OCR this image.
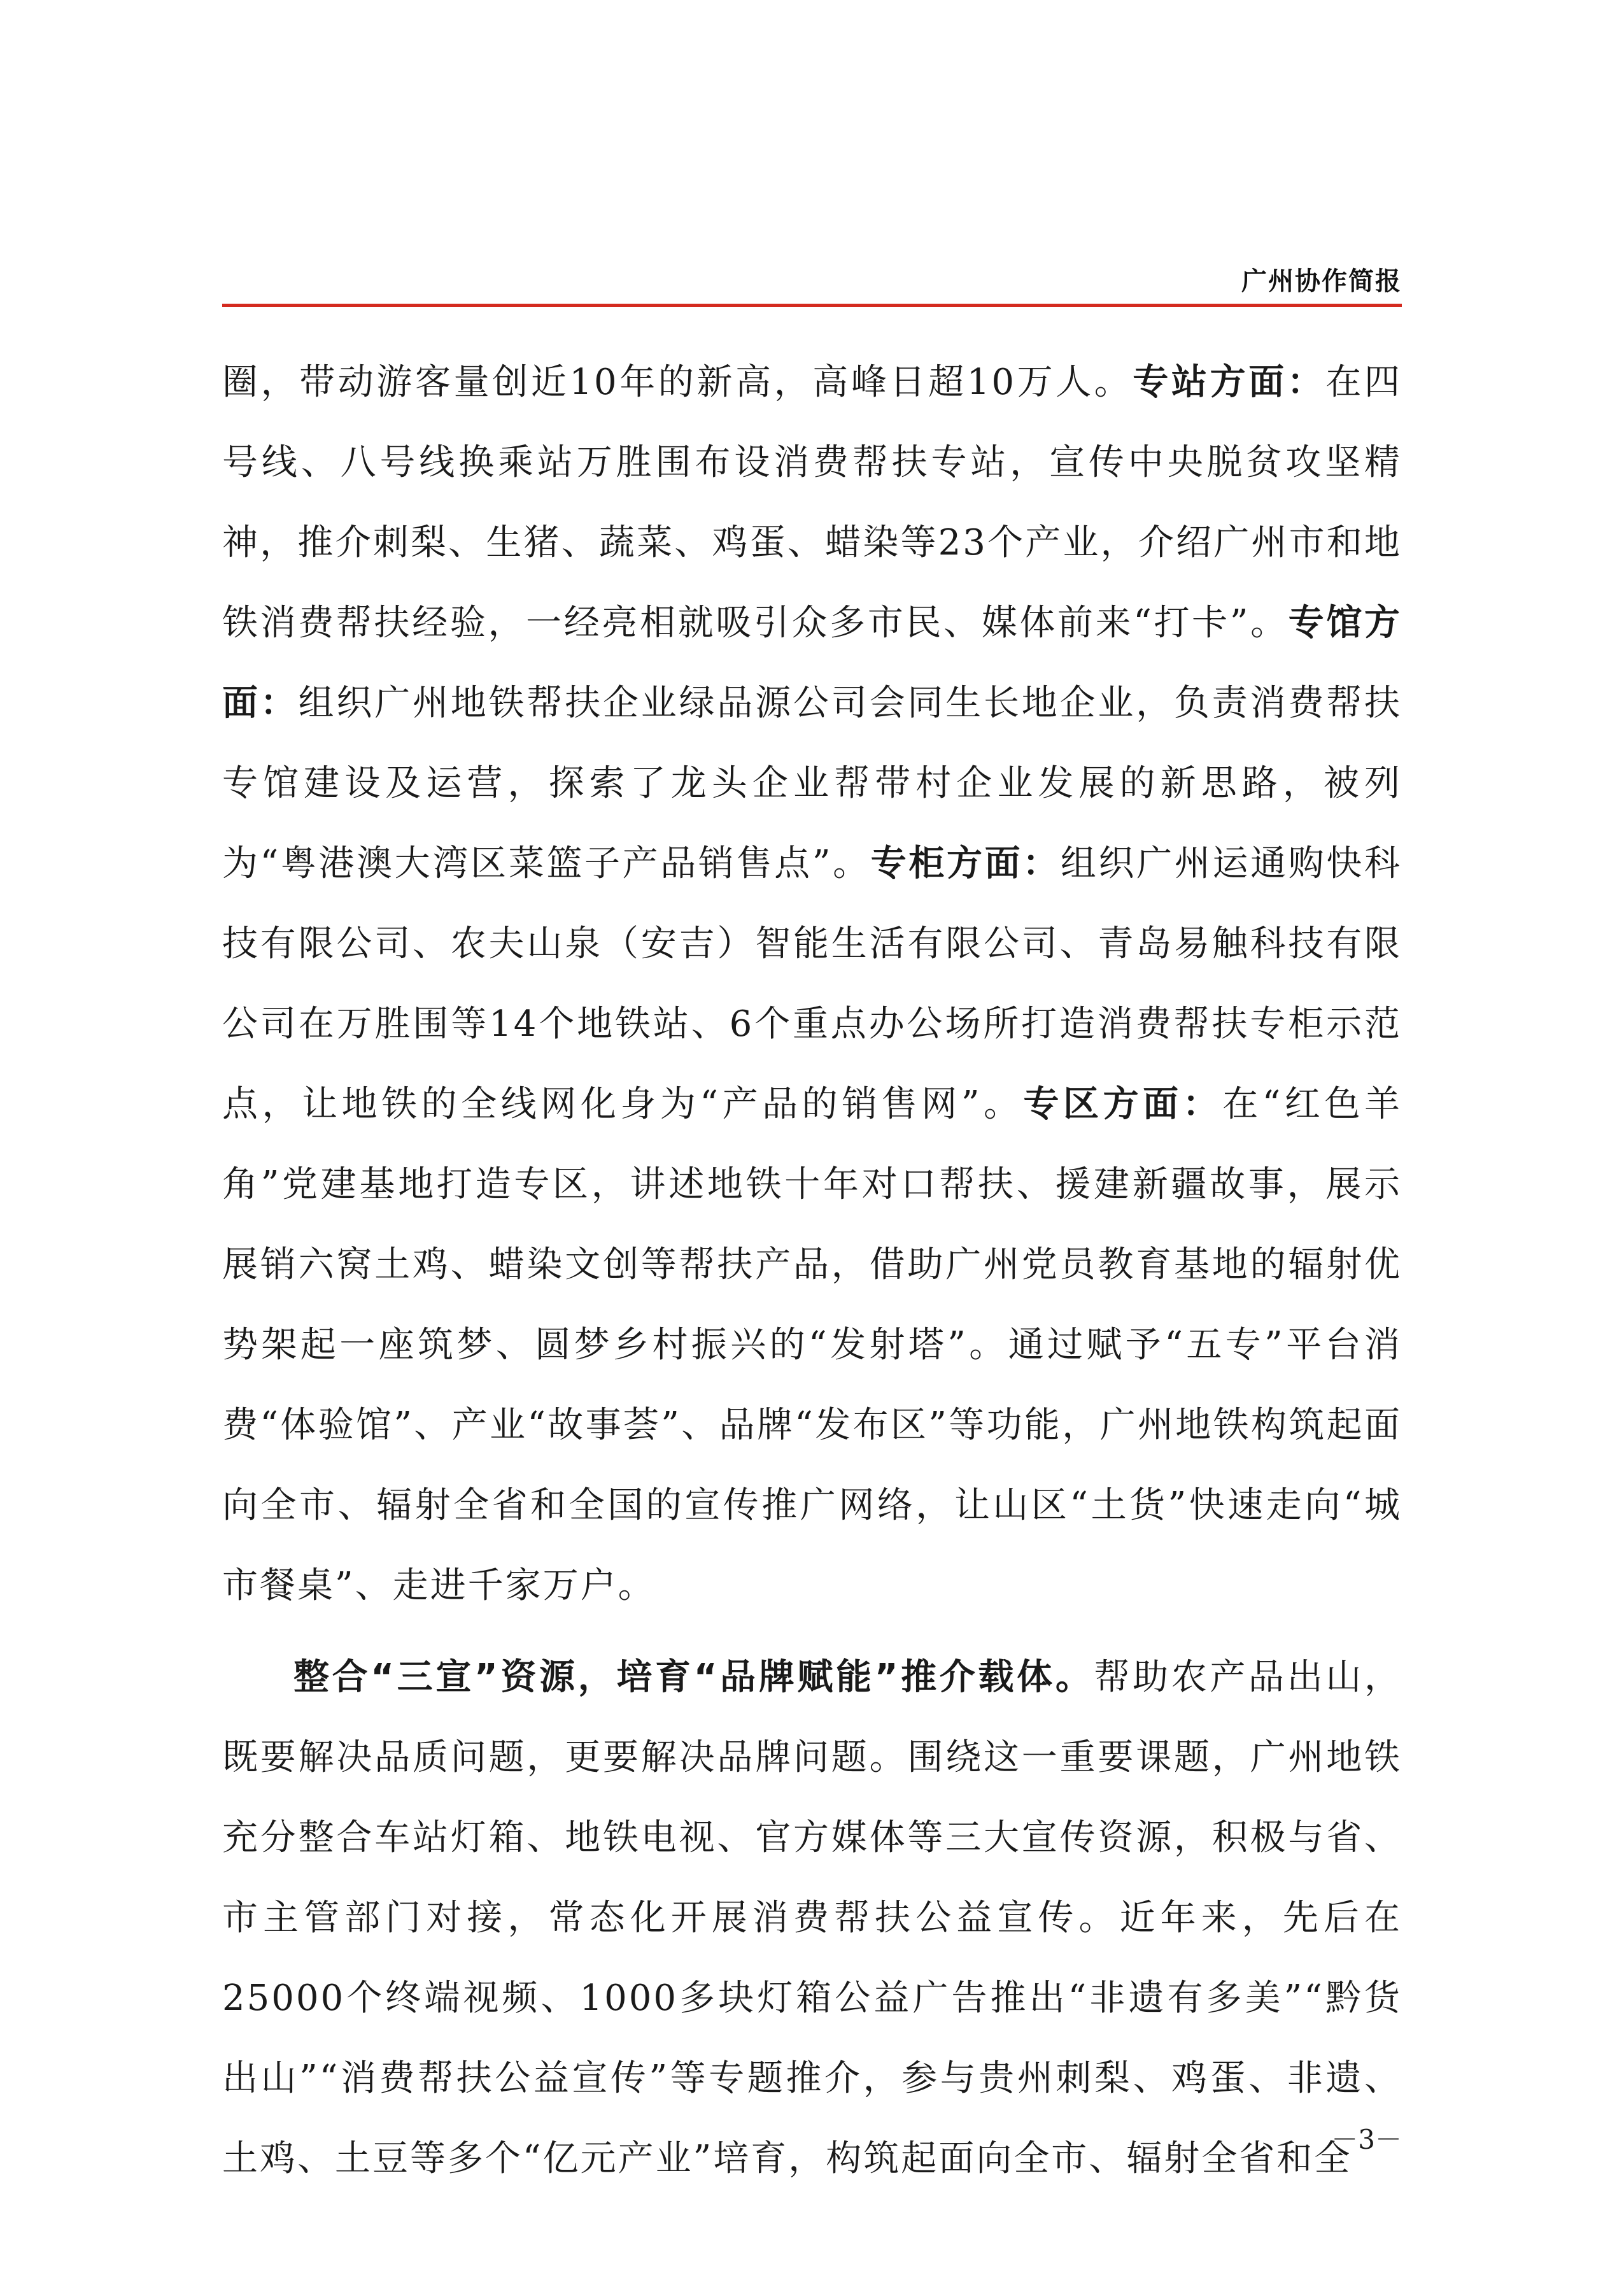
广州协作简报

圈，带动游客量创近10年的新高，高峰日超10万人。专站方面：在四号线、八号线换乘站万胜围布设消费帮扶专站，宣传中央脱贫攻坚精神，推介刺梨、生猪、蔬菜、鸡蛋、蜡染等23个产业，介绍广州市和地铁消费帮扶经验，一经亮相就吸引众多市民、媒体前来“打卡”。专馆方面：组织广州地铁帮扶企业绿品源公司会同生长地企业，负责消费帮扶专馆建设及运营，探索了龙头企业帮带村企业发展的新思路，被列为“粤港澳大湾区菜篮子产品销售点”。专柜方面：组织广州运通购快科技有限公司、农夫山泉（安吉）智能生活有限公司、青岛易触科技有限公司在万胜围等14个地铁站、6个重点办公场所打造消费帮扶专柜示范点，让地铁的全线网化身为“产品的销售网”。专区方面：在“红色羊角”党建基地打造专区，讲述地铁十年对口帮扶、援建新疆故事，展示展销六窝土鸡、蜡染文创等帮扶产品，借助广州党员教育基地的辐射优势架起一座筑梦、圆梦乡村振兴的“发射塔”。通过赋予“五专”平台消费“体验馆”、产业“故事荟”、品牌“发布区”等功能，广州地铁构筑起面向全市、辐射全省和全国的宣传推广网络，让山区“土货”快速走向“城市餐桌”、走进千家万户。

整合“三宣”资源，培育“品牌赋能”推介载体。帮助农产品出山，既要解决品质问题，更要解决品牌问题。围绕这一重要课题，广州地铁充分整合车站灯箱、地铁电视、官方媒体等三大宣传资源，积极与省、市主管部门对接，常态化开展消费帮扶公益宣传。近年来，先后在25000个终端视频、1000多块灯箱公益广告推出“非遗有多美”“黔货出山”“消费帮扶公益宣传”等专题推介，参与贵州刺梨、鸡蛋、非遗、土鸡、土豆等多个“亿元产业”培育，构筑起面向全市、辐射全省和全

－3－
